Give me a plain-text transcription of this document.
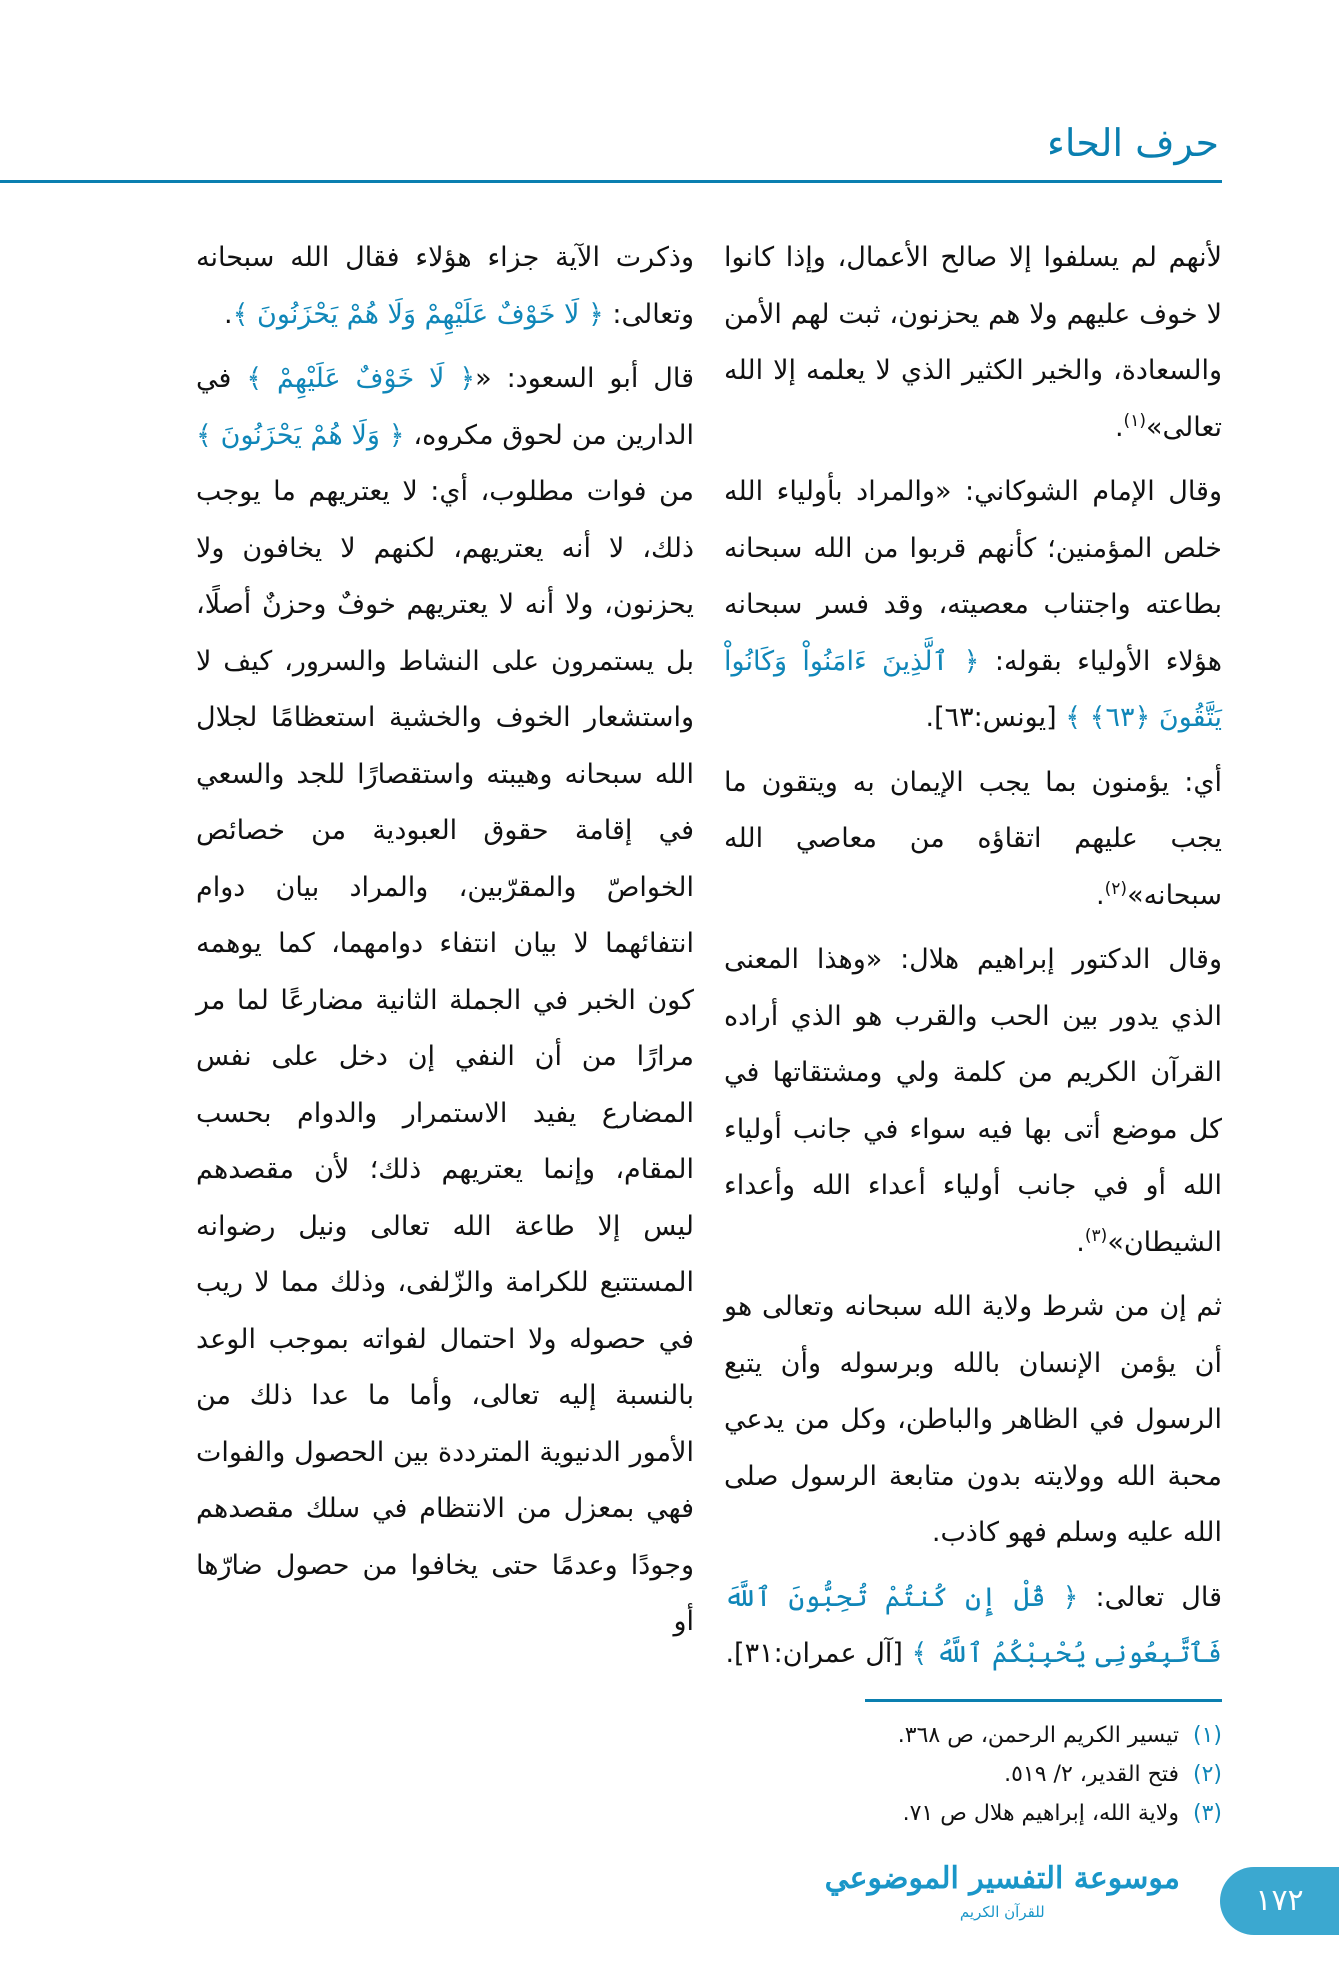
حرف الحاء

لأنهم لم يسلفوا إلا صالح الأعمال، وإذا كانوا لا خوف عليهم ولا هم يحزنون، ثبت لهم الأمن والسعادة، والخير الكثير الذي لا يعلمه إلا الله تعالى»$^{(١)}$.

وقال الإمام الشوكاني: «والمراد بأولياء الله خلص المؤمنين؛ كأنهم قربوا من الله سبحانه بطاعته واجتناب معصيته، وقد فسر سبحانه هؤلاء الأولياء بقوله: ﴿ ٱلَّذِينَ ءَامَنُواْ وَكَانُواْ يَتَّقُونَ ﴿٦٣﴾ ﴾ [يونس:٦٣].

أي: يؤمنون بما يجب الإيمان به ويتقون ما يجب عليهم اتقاؤه من معاصي الله سبحانه»$^{(٢)}$.

وقال الدكتور إبراهيم هلال: «وهذا المعنى الذي يدور بين الحب والقرب هو الذي أراده القرآن الكريم من كلمة ولي ومشتقاتها في كل موضع أتى بها فيه سواء في جانب أولياء الله أو في جانب أولياء أعداء الله وأعداء الشيطان»$^{(٣)}$.

ثم إن من شرط ولاية الله سبحانه وتعالى هو أن يؤمن الإنسان بالله وبرسوله وأن يتبع الرسول في الظاهر والباطن، وكل من يدعي محبة الله وولايته بدون متابعة الرسول صلى الله عليه وسلم فهو كاذب.

قال تعالى: ﴿ قُلْ إِن كُنتُمْ تُحِبُّونَ ٱللَّهَ فَٱتَّبِعُونِى يُحْبِبْكُمُ ٱللَّهُ ﴾ [آل عمران:٣١].

وذكرت الآية جزاء هؤلاء فقال الله سبحانه وتعالى: ﴿ لَا خَوْفٌ عَلَيْهِمْ وَلَا هُمْ يَحْزَنُونَ ﴾.

قال أبو السعود: «﴿ لَا خَوْفٌ عَلَيْهِمْ ﴾ في الدارين من لحوق مكروه، ﴿ وَلَا هُمْ يَحْزَنُونَ ﴾ من فوات مطلوب، أي: لا يعتريهم ما يوجب ذلك، لا أنه يعتريهم، لكنهم لا يخافون ولا يحزنون، ولا أنه لا يعتريهم خوفٌ وحزنٌ أصلًا، بل يستمرون على النشاط والسرور، كيف لا واستشعار الخوف والخشية استعظامًا لجلال الله سبحانه وهيبته واستقصارًا للجد والسعي في إقامة حقوق العبودية من خصائص الخواصّ والمقرّبين، والمراد بيان دوام انتفائهما لا بيان انتفاء دوامهما، كما يوهمه كون الخبر في الجملة الثانية مضارعًا لما مر مرارًا من أن النفي إن دخل على نفس المضارع يفيد الاستمرار والدوام بحسب المقام، وإنما يعتريهم ذلك؛ لأن مقصدهم ليس إلا طاعة الله تعالى ونيل رضوانه المستتبع للكرامة والزّلفى، وذلك مما لا ريب في حصوله ولا احتمال لفواته بموجب الوعد بالنسبة إليه تعالى، وأما ما عدا ذلك من الأمور الدنيوية المترددة بين الحصول والفوات فهي بمعزل من الانتظام في سلك مقصدهم وجودًا وعدمًا حتى يخافوا من حصول ضارّها أو

(١)
تيسير الكريم الرحمن، ص ٣٦٨.
(٢)
فتح القدير، ٢/ ٥١٩.
(٣)
ولاية الله، إبراهيم هلال ص ٧١.
موسوعة التفسير الموضوعي
للقرآن الكريم	١٧٢
